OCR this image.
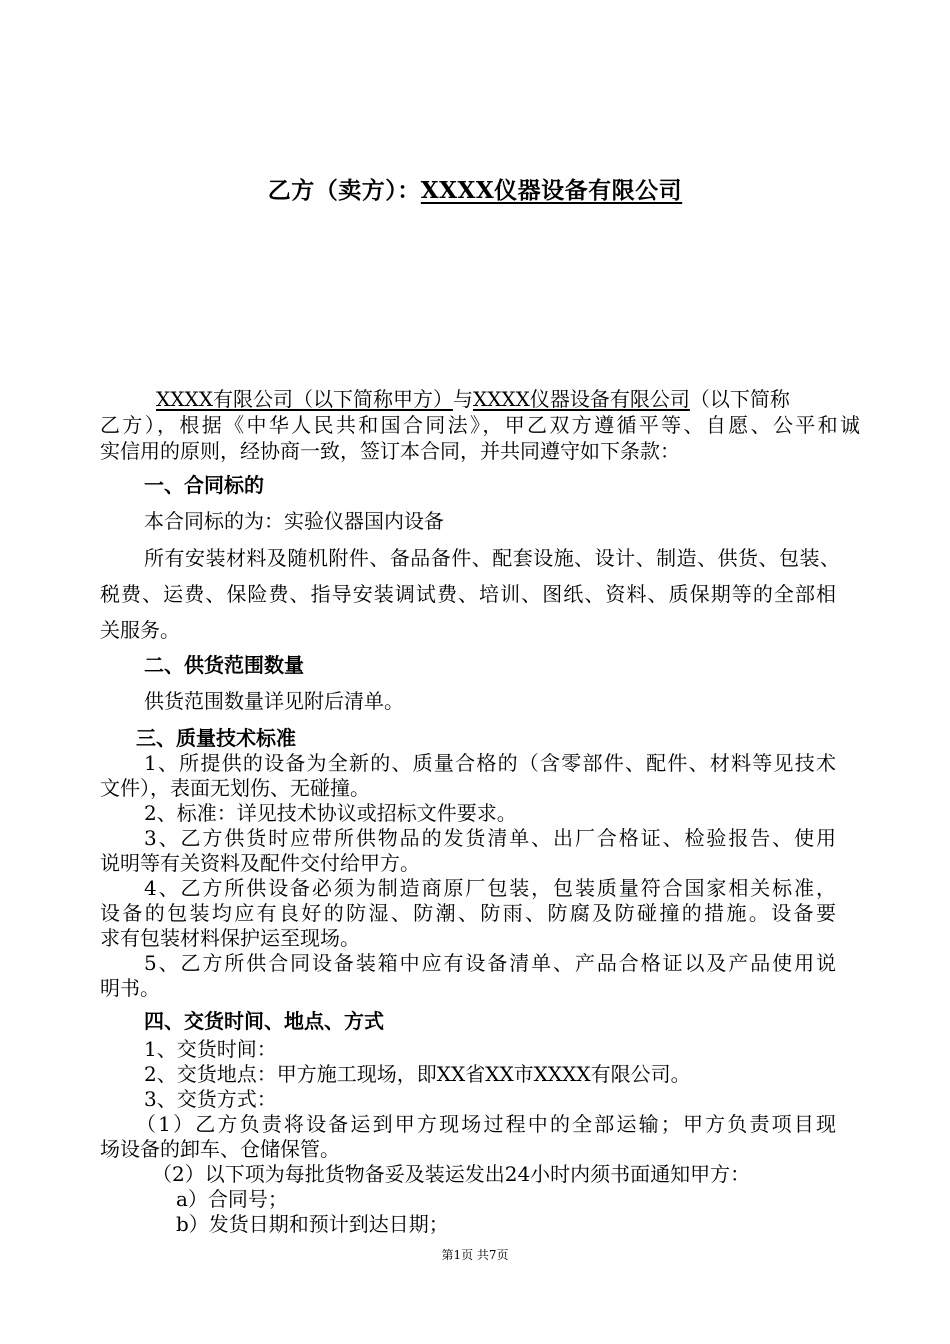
乙方（卖方）：XXXX仪器设备有限公司
XXXX有限公司（以下简称甲方）与XXXX仪器设备有限公司（以下简称
乙方），根据《中华人民共和国合同法》，甲乙双方遵循平等、自愿、公平和诚
实信用的原则，经协商一致，签订本合同，并共同遵守如下条款：
一、合同标的
本合同标的为：实验仪器国内设备
所有安装材料及随机附件、备品备件、配套设施、设计、制造、供货、包装、
税费、运费、保险费、指导安装调试费、培训、图纸、资料、质保期等的全部相
关服务。
二、供货范围数量
供货范围数量详见附后清单。
三、质量技术标准
1、所提供的设备为全新的、质量合格的（含零部件、配件、材料等见技术
文件），表面无划伤、无碰撞。
2、标准：详见技术协议或招标文件要求。
3、乙方供货时应带所供物品的发货清单、出厂合格证、检验报告、使用
说明等有关资料及配件交付给甲方。
4、乙方所供设备必须为制造商原厂包装，包装质量符合国家相关标准，
设备的包装均应有良好的防湿、防潮、防雨、防腐及防碰撞的措施。设备要
求有包装材料保护运至现场。
5、乙方所供合同设备装箱中应有设备清单、产品合格证以及产品使用说
明书。
四、交货时间、地点、方式
1、交货时间：
2、交货地点：甲方施工现场，即XX省XX市XXXX有限公司。
3、交货方式：
（1）乙方负责将设备运到甲方现场过程中的全部运输；甲方负责项目现
场设备的卸车、仓储保管。
（2）以下项为每批货物备妥及装运发出24小时内须书面通知甲方：
a）合同号；
b）发货日期和预计到达日期；
第1页 共7页
